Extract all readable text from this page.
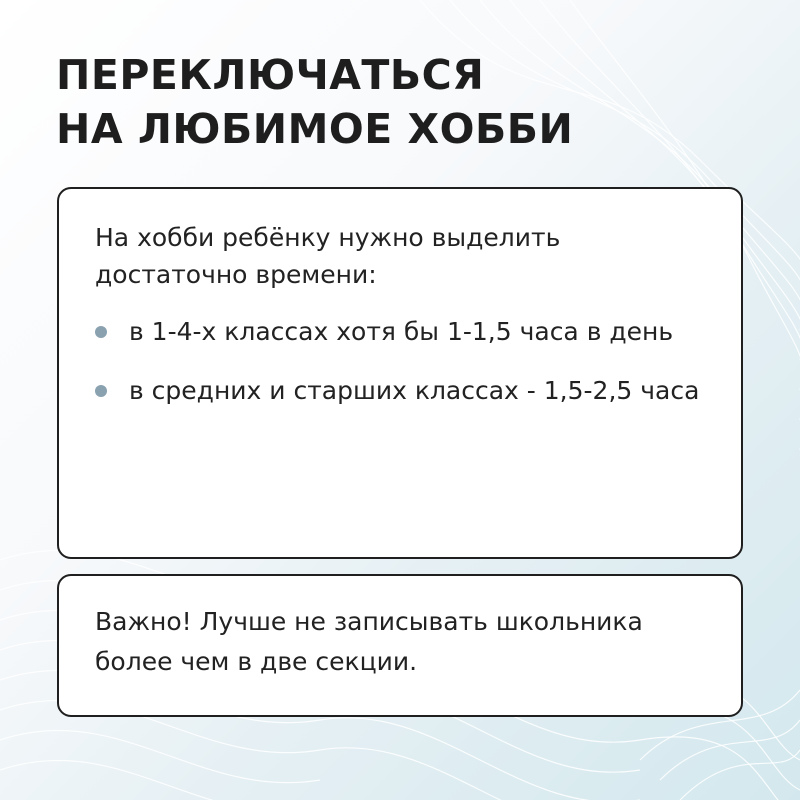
ПЕРЕКЛЮЧАТЬСЯ
НА ЛЮБИМОЕ ХОББИ

На хобби ребёнку нужно выделить достаточно времени:

в 1-4-х классах хотя бы 1-1,5 часа в день
в средних и старших классах - 1,5-2,5 часа

Важно! Лучше не записывать школьника более чем в две секции.
